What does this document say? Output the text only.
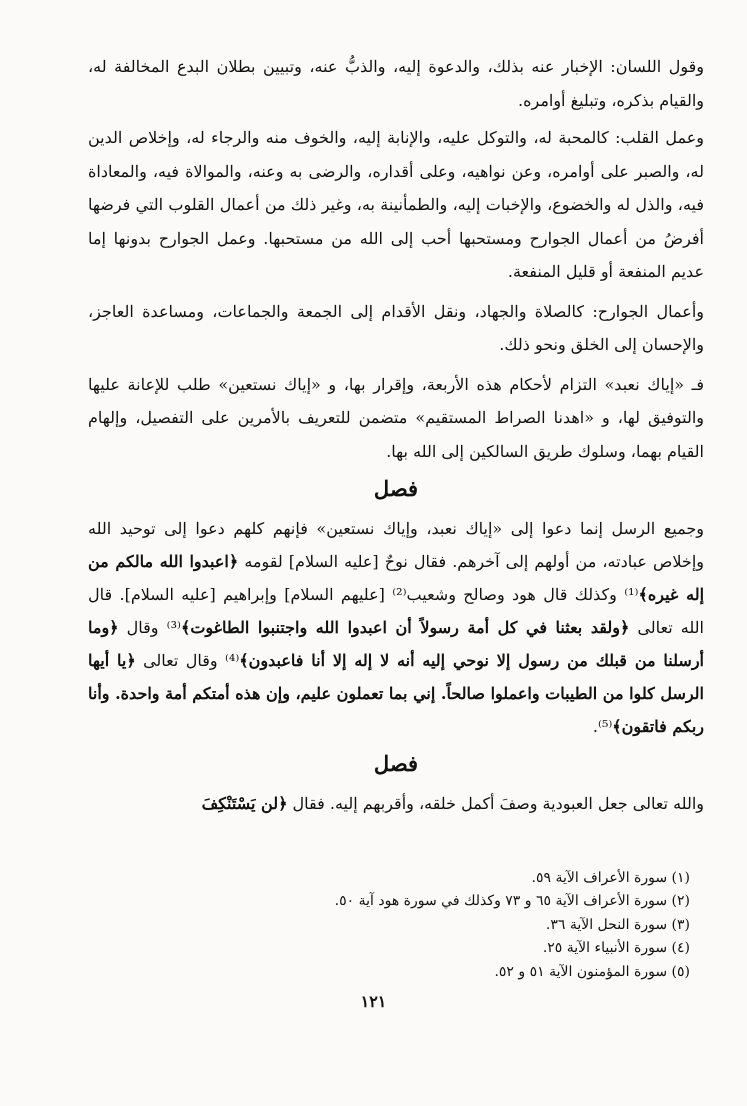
وقول اللسان: الإخبار عنه بذلك، والدعوة إليه، والذبُّ عنه، وتبيين بطلان البدع المخالفة له، والقيام بذكره، وتبليغ أوامره.

وعمل القلب: كالمحبة له، والتوكل عليه، والإنابة إليه، والخوف منه والرجاء له، وإخلاص الدين له، والصبر على أوامره، وعن نواهيه، وعلى أقداره، والرضى به وعنه، والموالاة فيه، والمعاداة فيه، والذل له والخضوع، والإخبات إليه، والطمأنينة به، وغير ذلك من أعمال القلوب التي فرضها أفرضُ من أعمال الجوارح ومستحبها أحب إلى الله من مستحبها. وعمل الجوارح بدونها إما عديم المنفعة أو قليل المنفعة.

وأعمال الجوارح: كالصلاة والجهاد، ونقل الأقدام إلى الجمعة والجماعات، ومساعدة العاجز، والإحسان إلى الخلق ونحو ذلك.

فـ «إياك نعبد» التزام لأحكام هذه الأربعة، وإقرار بها، و «إياك نستعين» طلب للإعانة عليها والتوفيق لها، و «اهدنا الصراط المستقيم» متضمن للتعريف بالأمرين على التفصيل، وإلهام القيام بهما، وسلوك طريق السالكين إلى الله بها.

فصل

وجميع الرسل إنما دعوا إلى «إياك نعبد، وإياك نستعين» فإنهم كلهم دعوا إلى توحيد الله وإخلاص عبادته، من أولهم إلى آخرهم. فقال نوحٌ [عليه السلام] لقومه ﴿اعبدوا الله مالكم من إله غيره﴾⁽¹⁾ وكذلك قال هود وصالح وشعيب⁽²⁾ [عليهم السلام] وإبراهيم [عليه السلام]. قال الله تعالى ﴿ولقد بعثنا في كل أمة رسولاً أن اعبدوا الله واجتنبوا الطاغوت﴾⁽³⁾ وقال ﴿وما أرسلنا من قبلك من رسول إلا نوحي إليه أنه لا إله إلا أنا فاعبدون﴾⁽⁴⁾ وقال تعالى ﴿يا أيها الرسل كلوا من الطيبات واعملوا صالحاً. إني بما تعملون عليم، وإن هذه أمتكم أمة واحدة. وأنا ربكم فاتقون﴾⁽⁵⁾.

فصل

والله تعالى جعل العبودية وصفَ أكمل خلقه، وأقربهم إليه. فقال ﴿لن يَسْتَنْكِفَ

(١) سورة الأعراف الآية ٥٩.
(٢) سورة الأعراف الآية ٦٥ و ٧٣ وكذلك في سورة هود آية ٥٠.
(٣) سورة النحل الآية ٣٦.
(٤) سورة الأنبياء الآية ٢٥.
(٥) سورة المؤمنون الآية ٥١ و ٥٢.
١٢١
